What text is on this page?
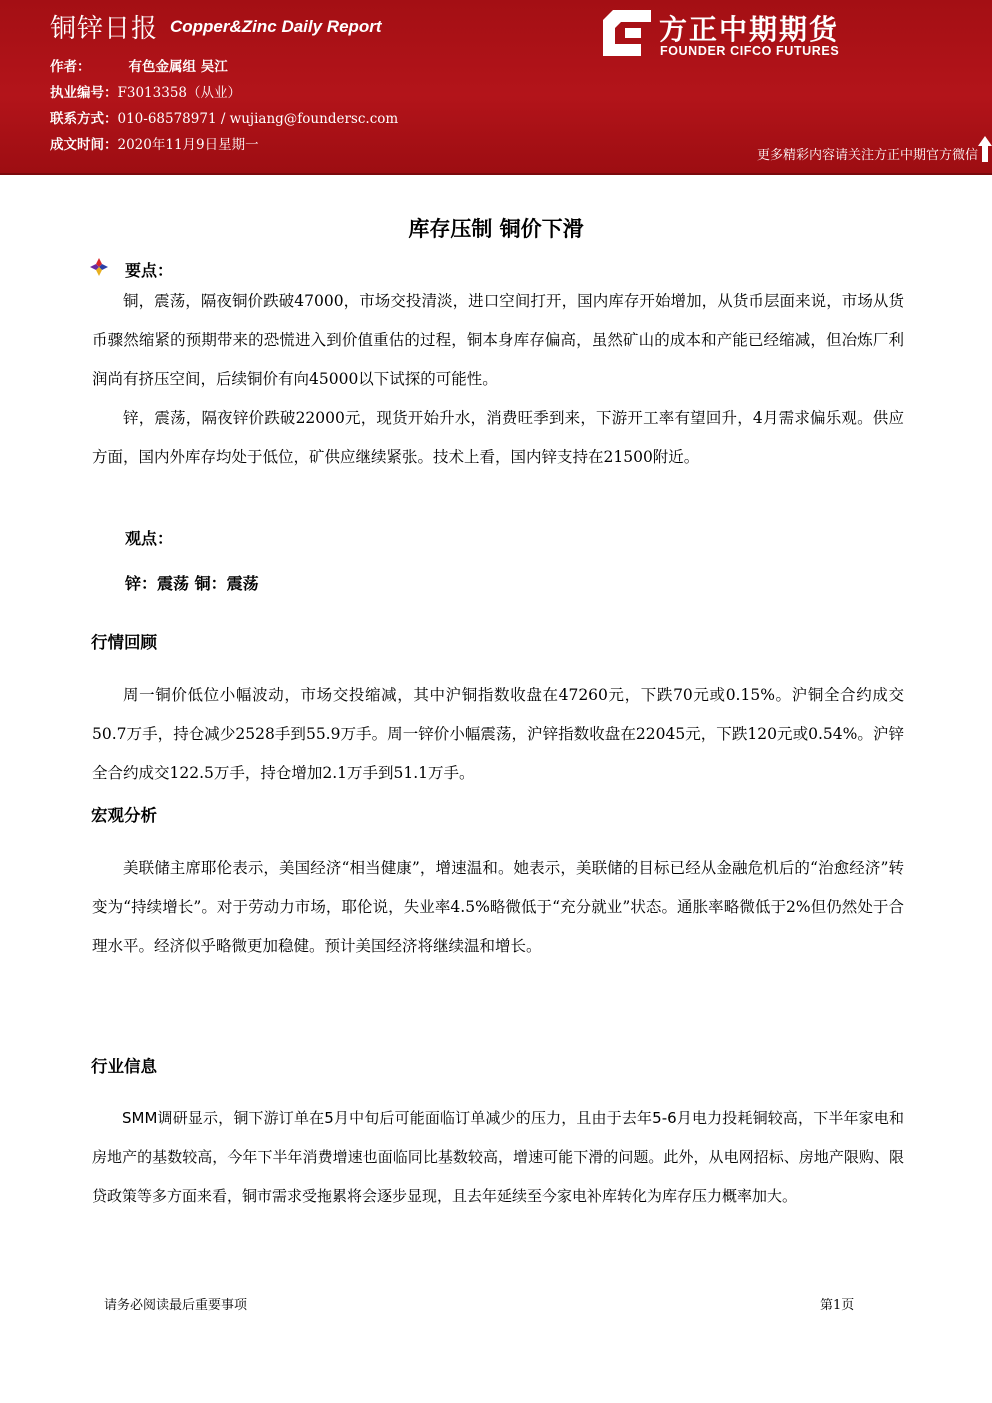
铜锌日报 Copper&Zinc Daily Report
作者：	有色金属组 吴江
执业编号：F3013358（从业）
联系方式：010-68578971 / wujiang@foundersc.com
成文时间：2020年11月9日星期一
方正中期期货
FOUNDER CIFCO FUTURES
更多精彩内容请关注方正中期官方微信
库存压制 铜价下滑
要点：
铜，震荡，隔夜铜价跌破47000，市场交投清淡，进口空间打开，国内库存开始增加，从货币层面来说，市场从货币骤然缩紧的预期带来的恐慌进入到价值重估的过程，铜本身库存偏高，虽然矿山的成本和产能已经缩减，但冶炼厂利润尚有挤压空间，后续铜价有向45000以下试探的可能性。
锌，震荡，隔夜锌价跌破22000元，现货开始升水，消费旺季到来，下游开工率有望回升，4月需求偏乐观。供应方面，国内外库存均处于低位，矿供应继续紧张。技术上看，国内锌支持在21500附近。
观点：
锌：震荡 铜：震荡
行情回顾
周一铜价低位小幅波动，市场交投缩减，其中沪铜指数收盘在47260元，下跌70元或0.15%。沪铜全合约成交50.7万手，持仓减少2528手到55.9万手。周一锌价小幅震荡，沪锌指数收盘在22045元，下跌120元或0.54%。沪锌全合约成交122.5万手，持仓增加2.1万手到51.1万手。
宏观分析
美联储主席耶伦表示，美国经济“相当健康”，增速温和。她表示，美联储的目标已经从金融危机后的“治愈经济”转变为“持续增长”。对于劳动力市场，耶伦说，失业率4.5%略微低于“充分就业”状态。通胀率略微低于2%但仍然处于合理水平。经济似乎略微更加稳健。预计美国经济将继续温和增长。
行业信息
SMM调研显示，铜下游订单在5月中旬后可能面临订单减少的压力，且由于去年5-6月电力投耗铜较高，下半年家电和房地产的基数较高，今年下半年消费增速也面临同比基数较高，增速可能下滑的问题。此外，从电网招标、房地产限购、限贷政策等多方面来看，铜市需求受拖累将会逐步显现，且去年延续至今家电补库转化为库存压力概率加大。
请务必阅读最后重要事项	第1页
